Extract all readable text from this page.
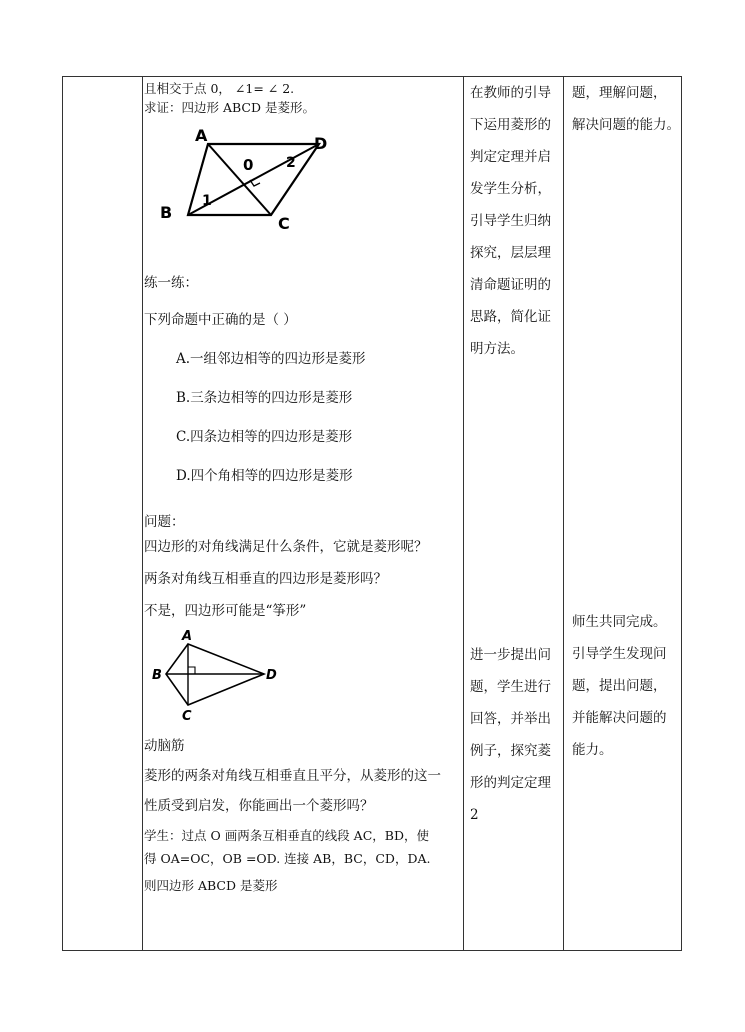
且相交于点 0， ∠1= ∠ 2.
求证：四边形 ABCD 是菱形。
A	D
B
C
0
1
2
练一练：
下列命题中正确的是（ ）
A.一组邻边相等的四边形是菱形
B.三条边相等的四边形是菱形
C.四条边相等的四边形是菱形
D.四个角相等的四边形是菱形
问题：
四边形的对角线满足什么条件，它就是菱形呢？
两条对角线互相垂直的四边形是菱形吗？
不是，四边形可能是“筝形”
A
B
C
D
动脑筋
菱形的两条对角线互相垂直且平分，从菱形的这一
性质受到启发，你能画出一个菱形吗？
学生：过点 O 画两条互相垂直的线段 AC，BD，使
得 OA=OC，OB =OD. 连接 AB，BC，CD，DA.
则四边形 ABCD 是菱形
在教师的引导
下运用菱形的
判定定理并启
发学生分析，
引导学生归纳
探究，层层理
清命题证明的
思路，简化证
明方法。
进一步提出问
题，学生进行
回答，并举出
例子，探究菱
形的判定定理
2
题，理解问题，
解决问题的能力。
师生共同完成。
引导学生发现问
题，提出问题，
并能解决问题的
能力。
